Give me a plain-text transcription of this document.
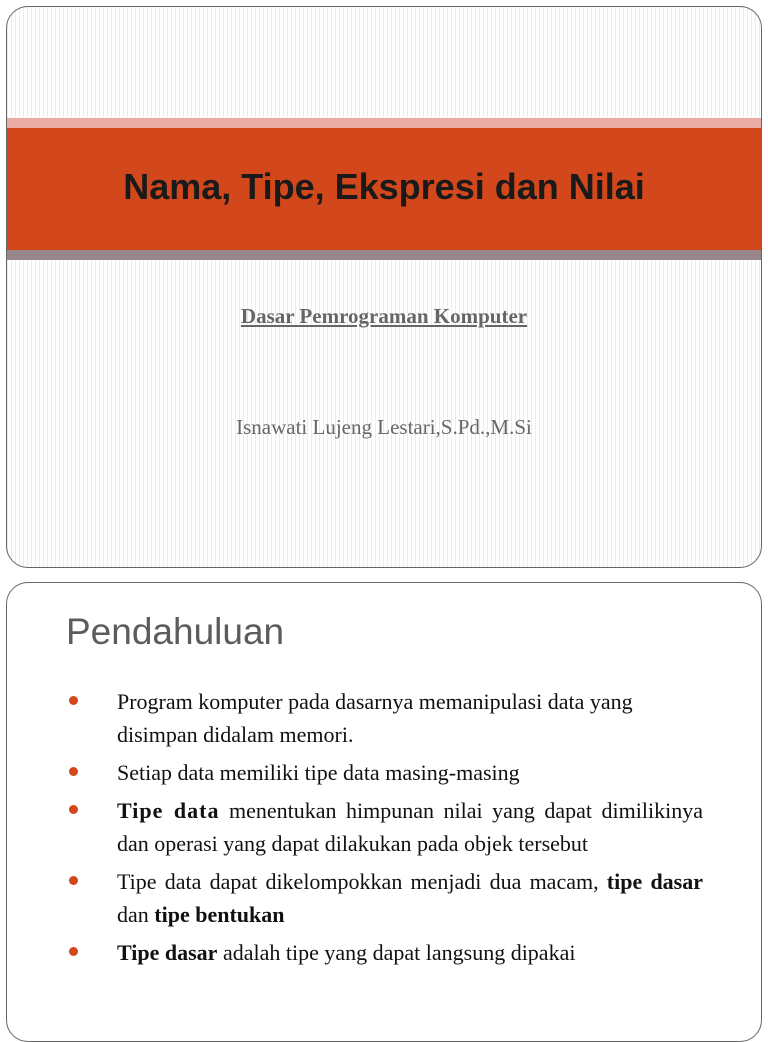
Nama, Tipe, Ekspresi dan Nilai
Dasar Pemrograman Komputer
Isnawati Lujeng Lestari,S.Pd.,M.Si
Pendahuluan
Program komputer pada dasarnya memanipulasi data yang disimpan didalam memori.
Setiap data memiliki tipe data masing-masing
Tipe data menentukan himpunan nilai yang dapat dimilikinya dan operasi yang dapat dilakukan pada objek tersebut
Tipe data dapat dikelompokkan menjadi dua macam, tipe dasar dan tipe bentukan
Tipe dasar adalah tipe yang dapat langsung dipakai
